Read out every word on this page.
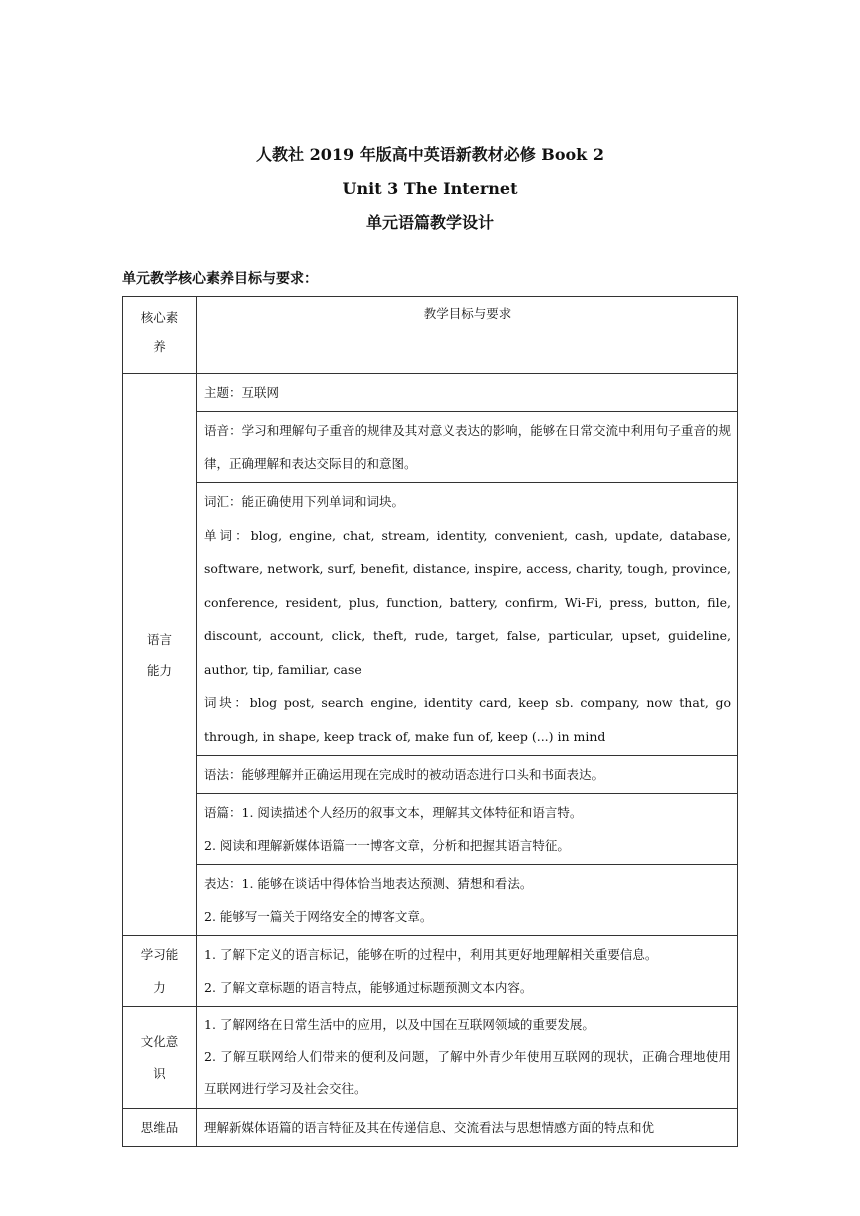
人教社 2019 年版高中英语新教材必修 Book 2
Unit 3 The Internet
单元语篇教学设计
单元教学核心素养目标与要求：
核心素养	教学目标与要求

语言能力	主题：互联网
	语音：学习和理解句子重音的规律及其对意义表达的影响，能够在日常交流中利用句子重音的规律，正确理解和表达交际目的和意图。

	词汇：能正确使用下列单词和词块。
单词：blog, engine, chat, stream, identity, convenient, cash, update, database, software, network, surf, benefit, distance, inspire, access, charity, tough, province, conference, resident, plus, function, battery, confirm, Wi-Fi, press, button, file, discount, account, click, theft, rude, target, false, particular, upset, guideline, author, tip, familiar, case
词块：blog post, search engine, identity card, keep sb. company, now that, go through, in shape, keep track of, make fun of, keep (...) in mind

	语法：能够理解并正确运用现在完成时的被动语态进行口头和书面表达。

	语篇：1. 阅读描述个人经历的叙事文本，理解其文体特征和语言特。
2. 阅读和理解新媒体语篇一一博客文章，分析和把握其语言特征。

	表达：1. 能够在谈话中得体恰当地表达预测、猜想和看法。
2. 能够写一篇关于网络安全的博客文章。

学习能力	1. 了解下定义的语言标记，能够在听的过程中，利用其更好地理解相关重要信息。
2. 了解文章标题的语言特点，能够通过标题预测文本内容。

文化意识	1. 了解网络在日常生活中的应用，以及中国在互联网领域的重要发展。
2. 了解互联网给人们带来的便利及问题，了解中外青少年使用互联网的现状，正确合理地使用互联网进行学习及社会交往。

思维品	理解新媒体语篇的语言特征及其在传递信息、交流看法与思想情感方面的特点和优
